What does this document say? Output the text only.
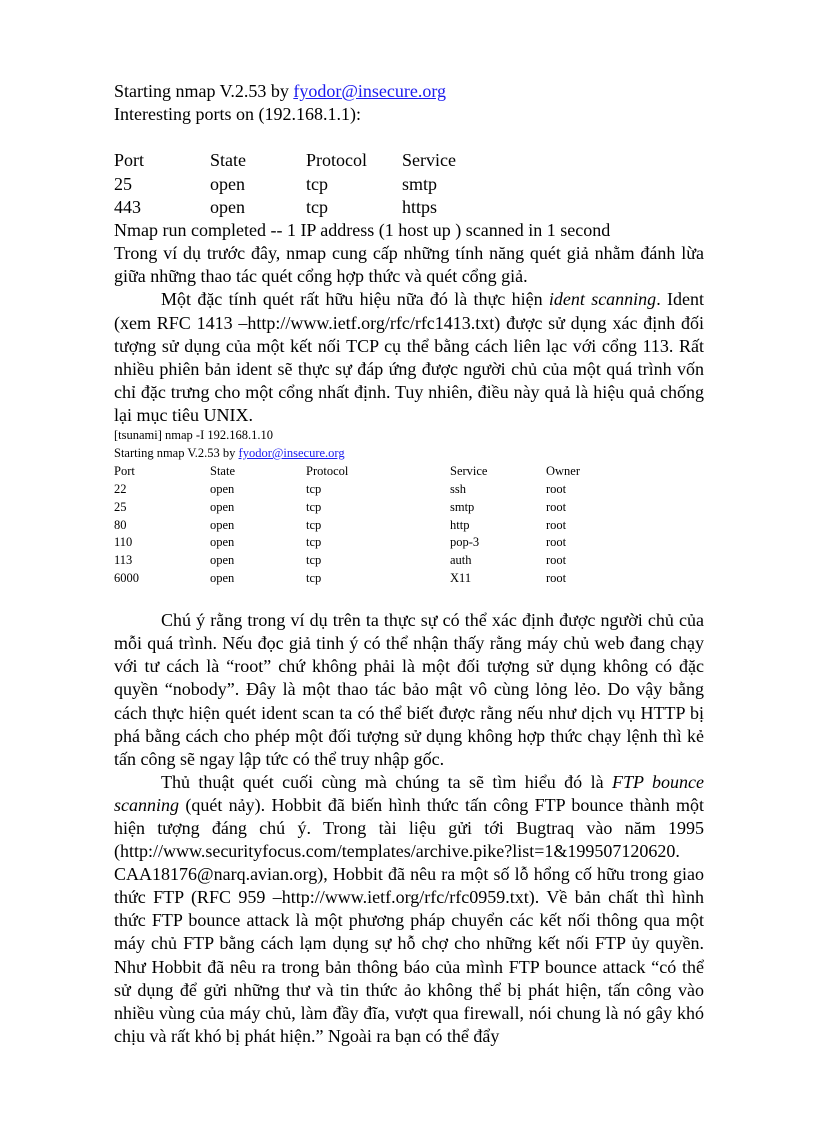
Starting nmap V.2.53 by fyodor@insecure.org
Interesting ports on (192.168.1.1):
Port	State	Protocol	Service
25	open	tcp	smtp
443	open	tcp	https
Nmap run completed -- 1 IP address (1 host up ) scanned in 1 second

Trong ví dụ trước đây, nmap cung cấp những tính năng quét giả nhằm đánh lừa giữa những thao tác quét cổng hợp thức và quét cổng giả.

Một đặc tính quét rất hữu hiệu nữa đó là thực hiện ident scanning. Ident (xem RFC 1413 –http://www.ietf.org/rfc/rfc1413.txt) được sử dụng xác định đối tượng sử dụng của một kết nối TCP cụ thể bằng cách liên lạc với cổng 113. Rất nhiều phiên bản ident sẽ thực sự đáp ứng được người chủ của một quá trình vốn chỉ đặc trưng cho một cổng nhất định. Tuy nhiên, điều này quả là hiệu quả chống lại mục tiêu UNIX.

[tsunami] nmap -I 192.168.1.10
Starting nmap V.2.53 by fyodor@insecure.org
Port	State	Protocol	Service	Owner
22	open	tcp	ssh	root
25	open	tcp	smtp	root
80	open	tcp	http	root
110	open	tcp	pop-3	root
113	open	tcp	auth	root
6000	open	tcp	X11	root

Chú ý rằng trong ví dụ trên ta thực sự có thể xác định được người chủ của mỗi quá trình. Nếu đọc giả tinh ý có thể nhận thấy rằng máy chủ web đang chạy với tư cách là “root” chứ không phải là một đối tượng sử dụng không có đặc quyền “nobody”. Đây là một thao tác bảo mật vô cùng lỏng lẻo. Do vậy bằng cách thực hiện quét ident scan ta có thể biết được rằng nếu như dịch vụ HTTP bị phá bằng cách cho phép một đối tượng sử dụng không hợp thức chạy lệnh thì kẻ tấn công sẽ ngay lập tức có thể truy nhập gốc.

Thủ thuật quét cuối cùng mà chúng ta sẽ tìm hiểu đó là FTP bounce scanning (quét nảy). Hobbit đã biến hình thức tấn công FTP bounce thành một hiện tượng đáng chú ý. Trong tài liệu gửi tới Bugtraq vào năm 1995 (http://www.securityfocus.com/templates/archive.pike?list=1&199507120620. CAA18176@narq.avian.org), Hobbit đã nêu ra một số lỗ hổng cố hữu trong giao thức FTP (RFC 959 –http://www.ietf.org/rfc/rfc0959.txt). Về bản chất thì hình thức FTP bounce attack là một phương pháp chuyển các kết nối thông qua một máy chủ FTP bằng cách lạm dụng sự hỗ chợ cho những kết nối FTP ủy quyền. Như Hobbit đã nêu ra trong bản thông báo của mình FTP bounce attack “có thể sử dụng để gửi những thư và tin thức ảo không thể bị phát hiện, tấn công vào nhiều vùng của máy chủ, làm đầy đĩa, vượt qua firewall, nói chung là nó gây khó chịu và rất khó bị phát hiện.” Ngoài ra bạn có thể đẩy
